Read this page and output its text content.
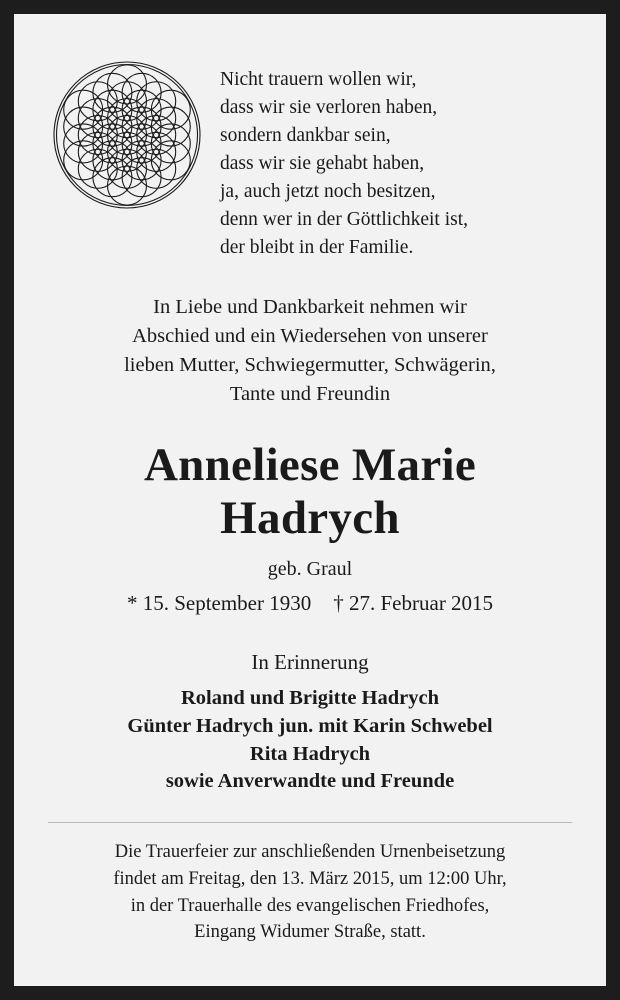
Nicht trauern wollen wir,
dass wir sie verloren haben,
sondern dankbar sein,
dass wir sie gehabt haben,
ja, auch jetzt noch besitzen,
denn wer in der Göttlichkeit ist,
der bleibt in der Familie.
In Liebe und Dankbarkeit nehmen wir
Abschied und ein Wiedersehen von unserer
lieben Mutter, Schwiegermutter, Schwägerin,
Tante und Freundin
Anneliese Marie
Hadrych
geb. Graul
* 15. September 1930 † 27. Februar 2015
In Erinnerung
Roland und Brigitte Hadrych
Günter Hadrych jun. mit Karin Schwebel
Rita Hadrych
sowie Anverwandte und Freunde
Die Trauerfeier zur anschließenden Urnenbeisetzung
findet am Freitag, den 13. März 2015, um 12:00 Uhr,
in der Trauerhalle des evangelischen Friedhofes,
Eingang Widumer Straße, statt.
